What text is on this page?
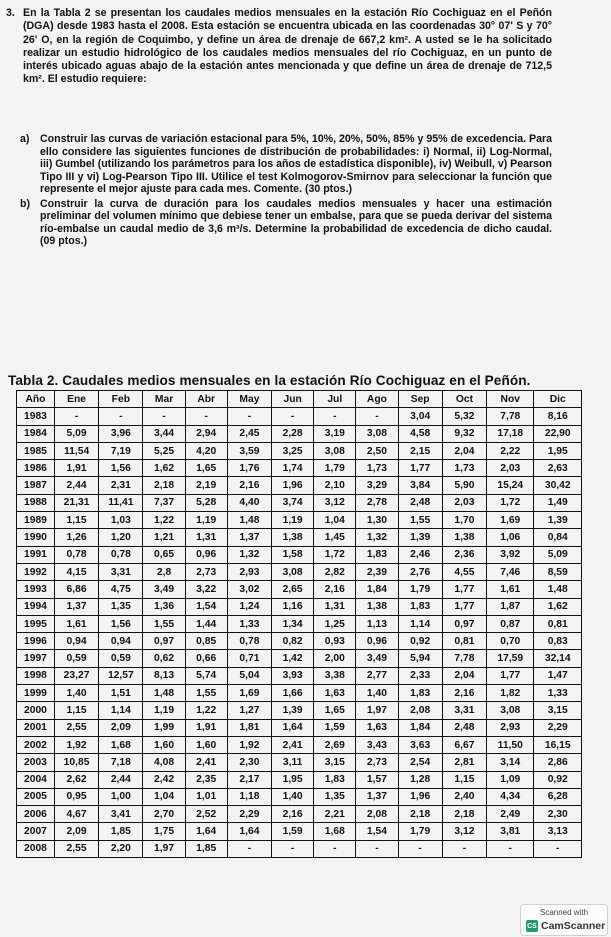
3. En la Tabla 2 se presentan los caudales medios mensuales en la estación Río Cochiguaz en el Peñón (DGA) desde 1983 hasta el 2008. Esta estación se encuentra ubicada en las coordenadas 30° 07' S y 70° 26' O, en la región de Coquimbo, y define un área de drenaje de 667,2 km². A usted se le ha solicitado realizar un estudio hidrológico de los caudales medios mensuales del río Cochiguaz, en un punto de interés ubicado aguas abajo de la estación antes mencionada y que define un área de drenaje de 712,5 km². El estudio requiere:
a) Construir las curvas de variación estacional para 5%, 10%, 20%, 50%, 85% y 95% de excedencia. Para ello considere las siguientes funciones de distribución de probabilidades: i) Normal, ii) Log-Normal, iii) Gumbel (utilizando los parámetros para los años de estadística disponible), iv) Weibull, v) Pearson Tipo III y vi) Log-Pearson Tipo III. Utilice el test Kolmogorov-Smirnov para seleccionar la función que represente el mejor ajuste para cada mes. Comente. (30 ptos.)
b) Construir la curva de duración para los caudales medios mensuales y hacer una estimación preliminar del volumen mínimo que debiese tener un embalse, para que se pueda derivar del sistema río-embalse un caudal medio de 3,6 m³/s. Determine la probabilidad de excedencia de dicho caudal. (09 ptos.)
Tabla 2. Caudales medios mensuales en la estación Río Cochiguaz en el Peñón.
Año	Ene	Feb	Mar	Abr	May	Jun	Jul	Ago	Sep	Oct	Nov	Dic
1983	-	-	-	-	-	-	-	-	3,04	5,32	7,78	8,16
1984	5,09	3,96	3,44	2,94	2,45	2,28	3,19	3,08	4,58	9,32	17,18	22,90
1985	11,54	7,19	5,25	4,20	3,59	3,25	3,08	2,50	2,15	2,04	2,22	1,95
1986	1,91	1,56	1,62	1,65	1,76	1,74	1,79	1,73	1,77	1,73	2,03	2,63
1987	2,44	2,31	2,18	2,19	2,16	1,96	2,10	3,29	3,84	5,90	15,24	30,42
1988	21,31	11,41	7,37	5,28	4,40	3,74	3,12	2,78	2,48	2,03	1,72	1,49
1989	1,15	1,03	1,22	1,19	1,48	1,19	1,04	1,30	1,55	1,70	1,69	1,39
1990	1,26	1,20	1,21	1,31	1,37	1,38	1,45	1,32	1,39	1,38	1,06	0,84
1991	0,78	0,78	0,65	0,96	1,32	1,58	1,72	1,83	2,46	2,36	3,92	5,09
1992	4,15	3,31	2,8	2,73	2,93	3,08	2,82	2,39	2,76	4,55	7,46	8,59
1993	6,86	4,75	3,49	3,22	3,02	2,65	2,16	1,84	1,79	1,77	1,61	1,48
1994	1,37	1,35	1,36	1,54	1,24	1,16	1,31	1,38	1,83	1,77	1,87	1,62
1995	1,61	1,56	1,55	1,44	1,33	1,34	1,25	1,13	1,14	0,97	0,87	0,81
1996	0,94	0,94	0,97	0,85	0,78	0,82	0,93	0,96	0,92	0,81	0,70	0,83
1997	0,59	0,59	0,62	0,66	0,71	1,42	2,00	3,49	5,94	7,78	17,59	32,14
1998	23,27	12,57	8,13	5,74	5,04	3,93	3,38	2,77	2,33	2,04	1,77	1,47
1999	1,40	1,51	1,48	1,55	1,69	1,66	1,63	1,40	1,83	2,16	1,82	1,33
2000	1,15	1,14	1,19	1,22	1,27	1,39	1,65	1,97	2,08	3,31	3,08	3,15
2001	2,55	2,09	1,99	1,91	1,81	1,64	1,59	1,63	1,84	2,48	2,93	2,29
2002	1,92	1,68	1,60	1,60	1,92	2,41	2,69	3,43	3,63	6,67	11,50	16,15
2003	10,85	7,18	4,08	2,41	2,30	3,11	3,15	2,73	2,54	2,81	3,14	2,86
2004	2,62	2,44	2,42	2,35	2,17	1,95	1,83	1,57	1,28	1,15	1,09	0,92
2005	0,95	1,00	1,04	1,01	1,18	1,40	1,35	1,37	1,96	2,40	4,34	6,28
2006	4,67	3,41	2,70	2,52	2,29	2,16	2,21	2,08	2,18	2,18	2,49	2,30
2007	2,09	1,85	1,75	1,64	1,64	1,59	1,68	1,54	1,79	3,12	3,81	3,13
2008	2,55	2,20	1,97	1,85	-	-	-	-	-	-	-	-
Scanned with
CS CamScanner
